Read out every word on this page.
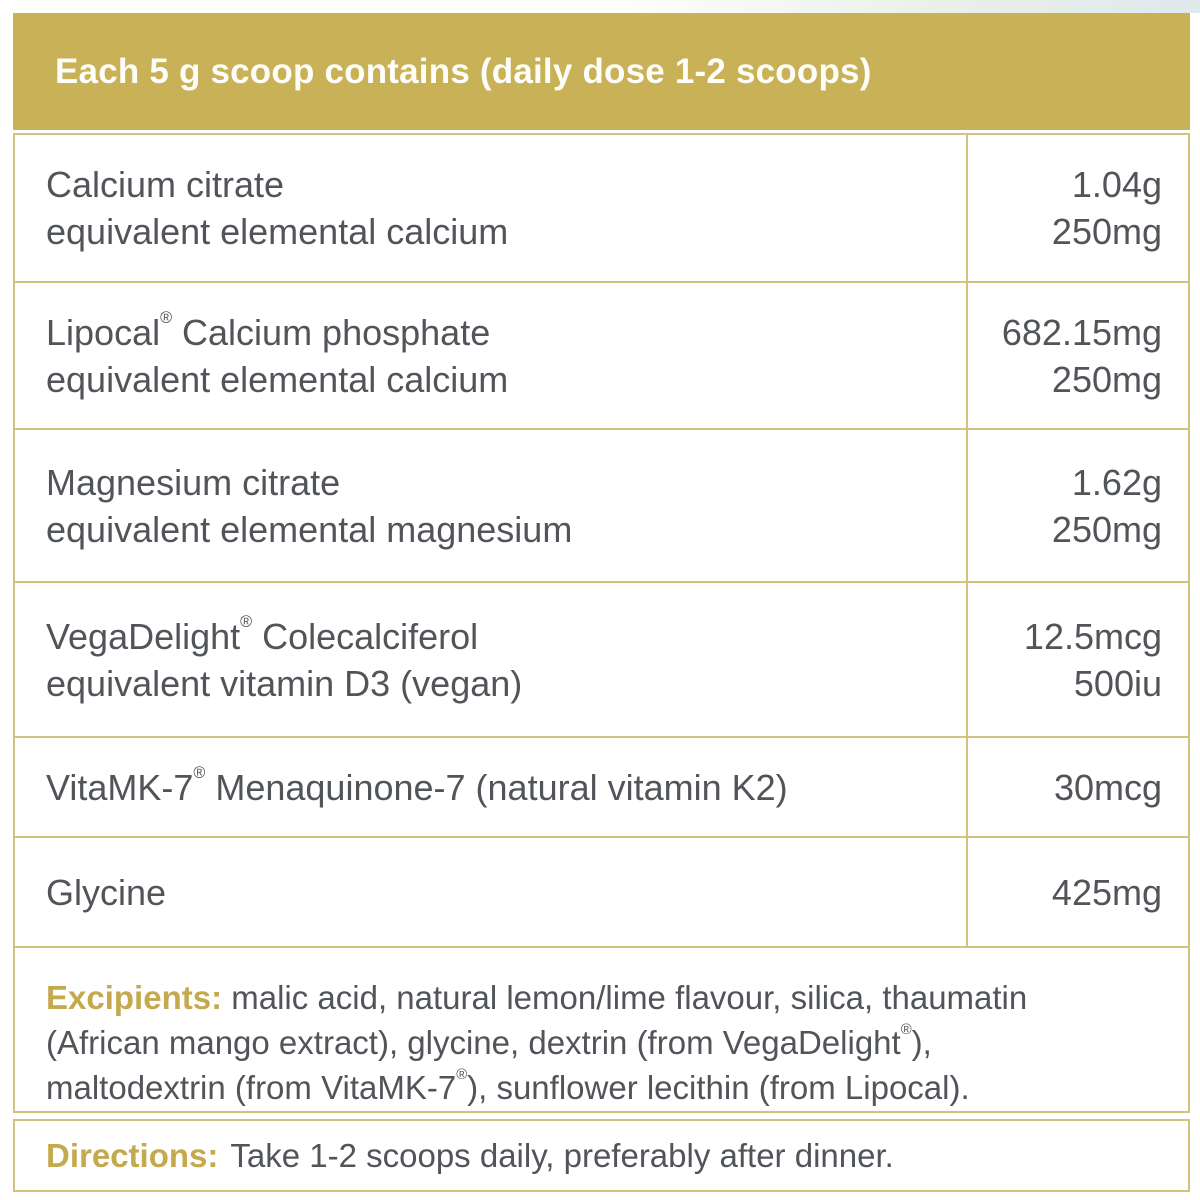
Each 5 g scoop contains (daily dose 1-2 scoops)
Calcium citrate
equivalent elemental calcium
1.04g
250mg
Lipocal® Calcium phosphate
equivalent elemental calcium
682.15mg
250mg
Magnesium citrate
equivalent elemental magnesium
1.62g
250mg
VegaDelight® Colecalciferol
equivalent vitamin D3 (vegan)
12.5mcg
500iu
VitaMK-7® Menaquinone-7 (natural vitamin K2)	30mcg
Glycine	425mg
Excipients: malic acid, natural lemon/lime flavour, silica, thaumatin
(African mango extract), glycine, dextrin (from VegaDelight®),
maltodextrin (from VitaMK-7®), sunflower lecithin (from Lipocal).
Directions: Take 1-2 scoops daily, preferably after dinner.
